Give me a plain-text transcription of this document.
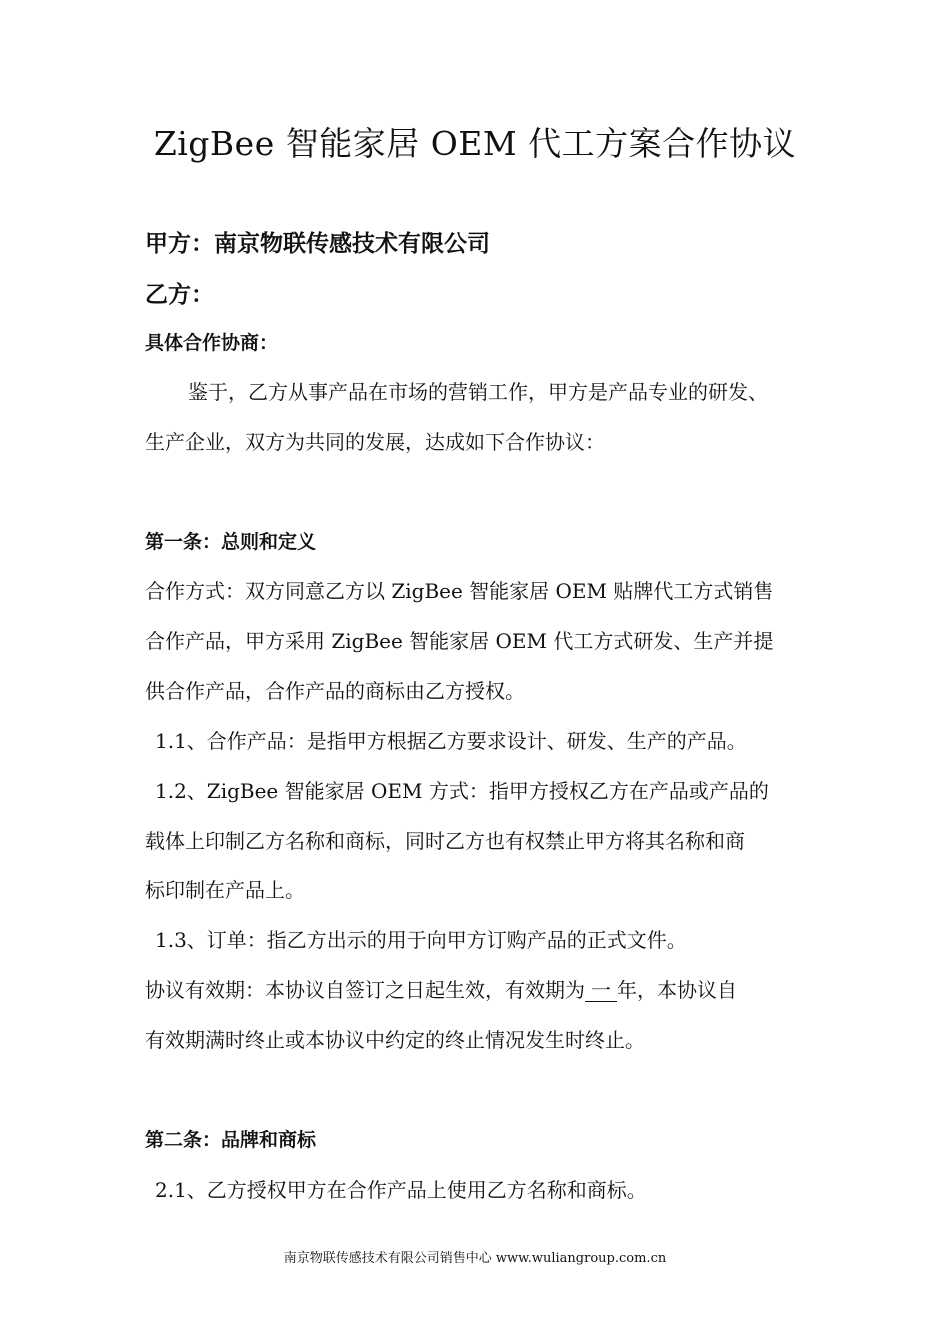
ZigBee 智能家居 OEM 代工方案合作协议
甲方：南京物联传感技术有限公司
乙方：
具体合作协商：
鉴于，乙方从事产品在市场的营销工作，甲方是产品专业的研发、
生产企业，双方为共同的发展，达成如下合作协议：
第一条：总则和定义
合作方式：双方同意乙方以 ZigBee 智能家居 OEM 贴牌代工方式销售
合作产品，甲方采用 ZigBee 智能家居 OEM 代工方式研发、生产并提
供合作产品，合作产品的商标由乙方授权。
1.1、合作产品：是指甲方根据乙方要求设计、研发、生产的产品。
1.2、ZigBee 智能家居 OEM 方式：指甲方授权乙方在产品或产品的
载体上印制乙方名称和商标，同时乙方也有权禁止甲方将其名称和商
标印制在产品上。
1.3、订单：指乙方出示的用于向甲方订购产品的正式文件。
协议有效期：本协议自签订之日起生效，有效期为 一 年，本协议自
有效期满时终止或本协议中约定的终止情况发生时终止。
第二条：品牌和商标
2.1、乙方授权甲方在合作产品上使用乙方名称和商标。
南京物联传感技术有限公司销售中心 www.wuliangroup.com.cn
